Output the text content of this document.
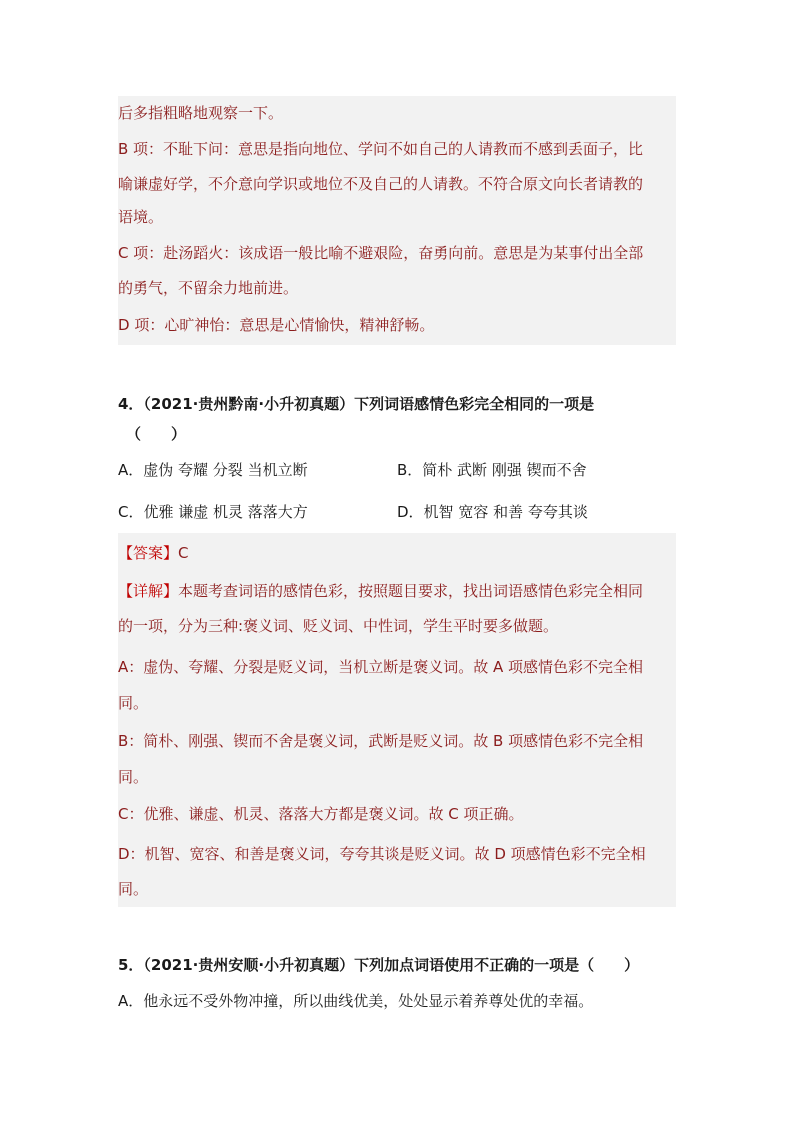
后多指粗略地观察一下。
B 项：不耻下问：意思是指向地位、学问不如自己的人请教而不感到丢面子，比
喻谦虚好学，不介意向学识或地位不及自己的人请教。不符合原文向长者请教的
语境。
C 项：赴汤蹈火：该成语一般比喻不避艰险，奋勇向前。意思是为某事付出全部
的勇气，不留余力地前进。
D 项：心旷神怡：意思是心情愉快，精神舒畅。
4．（2021·贵州黔南·小升初真题）下列词语感情色彩完全相同的一项是
（　　）
A．虚伪 夸耀 分裂 当机立断	B．简朴 武断 刚强 锲而不舍
C．优雅 谦虚 机灵 落落大方	D．机智 宽容 和善 夸夸其谈
【答案】C
【详解】本题考查词语的感情色彩，按照题目要求，找出词语感情色彩完全相同
的一项，分为三种:褒义词、贬义词、中性词，学生平时要多做题。
A：虚伪、夸耀、分裂是贬义词，当机立断是褒义词。故 A 项感情色彩不完全相
同。
B：简朴、刚强、锲而不舍是褒义词，武断是贬义词。故 B 项感情色彩不完全相
同。
C：优雅、谦虚、机灵、落落大方都是褒义词。故 C 项正确。
D：机智、宽容、和善是褒义词，夸夸其谈是贬义词。故 D 项感情色彩不完全相
同。
5．（2021·贵州安顺·小升初真题）下列加点词语使用不正确的一项是（　　）
A．他永远不受外物冲撞，所以曲线优美，处处显示着养尊处优的幸福。
